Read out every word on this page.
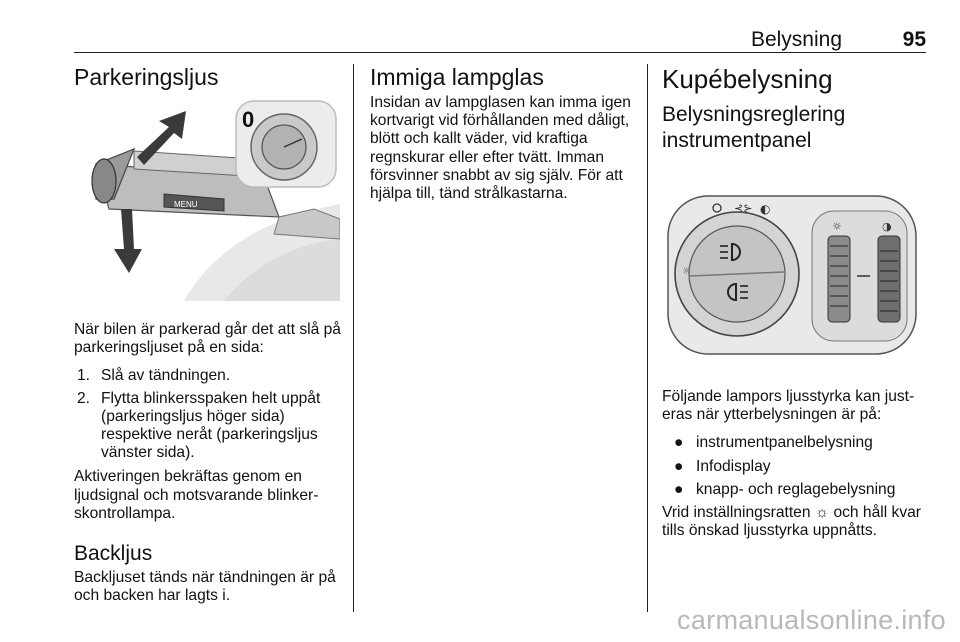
Belysning	95
Parkeringsljus
MENU
0

När bilen är parkerad går det att slå på parkeringsljuset på en sida:

1. Slå av tändningen.
2. Flytta blinkersspaken helt uppåt (parkeringsljus höger sida) respektive neråt (parkeringsljus vänster sida).

Aktiveringen bekräftas genom en ljudsignal och motsvarande blinker-skontrollampa.

Backljus

Backljuset tänds när tändningen är på och backen har lagts i.

Immiga lampglas

Insidan av lampglasen kan imma igen kortvarigt vid förhållanden med dåligt, blött och kallt väder, vid kraftiga regnskurar eller efter tvätt. Imman försvinner snabbt av sig själv. För att hjälpa till, tänd strålkastarna.

Kupébelysning
Belysningsreglering instrumentpanel
⊰⊱ ◐
☼
☼	◑

Följande lampors ljusstyrka kan just-eras när ytterbelysningen är på:

● instrumentpanelbelysning
● Infodisplay
● knapp- och reglagebelysning

Vrid inställningsratten ☼ och håll kvar tills önskad ljusstyrka uppnåtts.

carmanualsonline.info
